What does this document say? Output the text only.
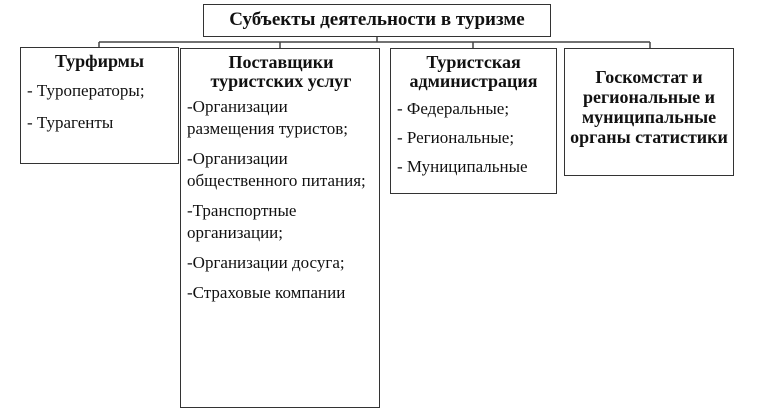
Субъекты деятельности в туризме
Турфирмы
- Туроператоры;
- Турагенты
Поставщики туристских услуг
-Организации размещения туристов;
-Организации общественного питания;
-Транспортные организации;
-Организации досуга;
-Страховые компании
Туристская администрация
- Федеральные;
- Региональные;
- Муниципальные
Госкомстат и региональные и муниципальные органы статистики
